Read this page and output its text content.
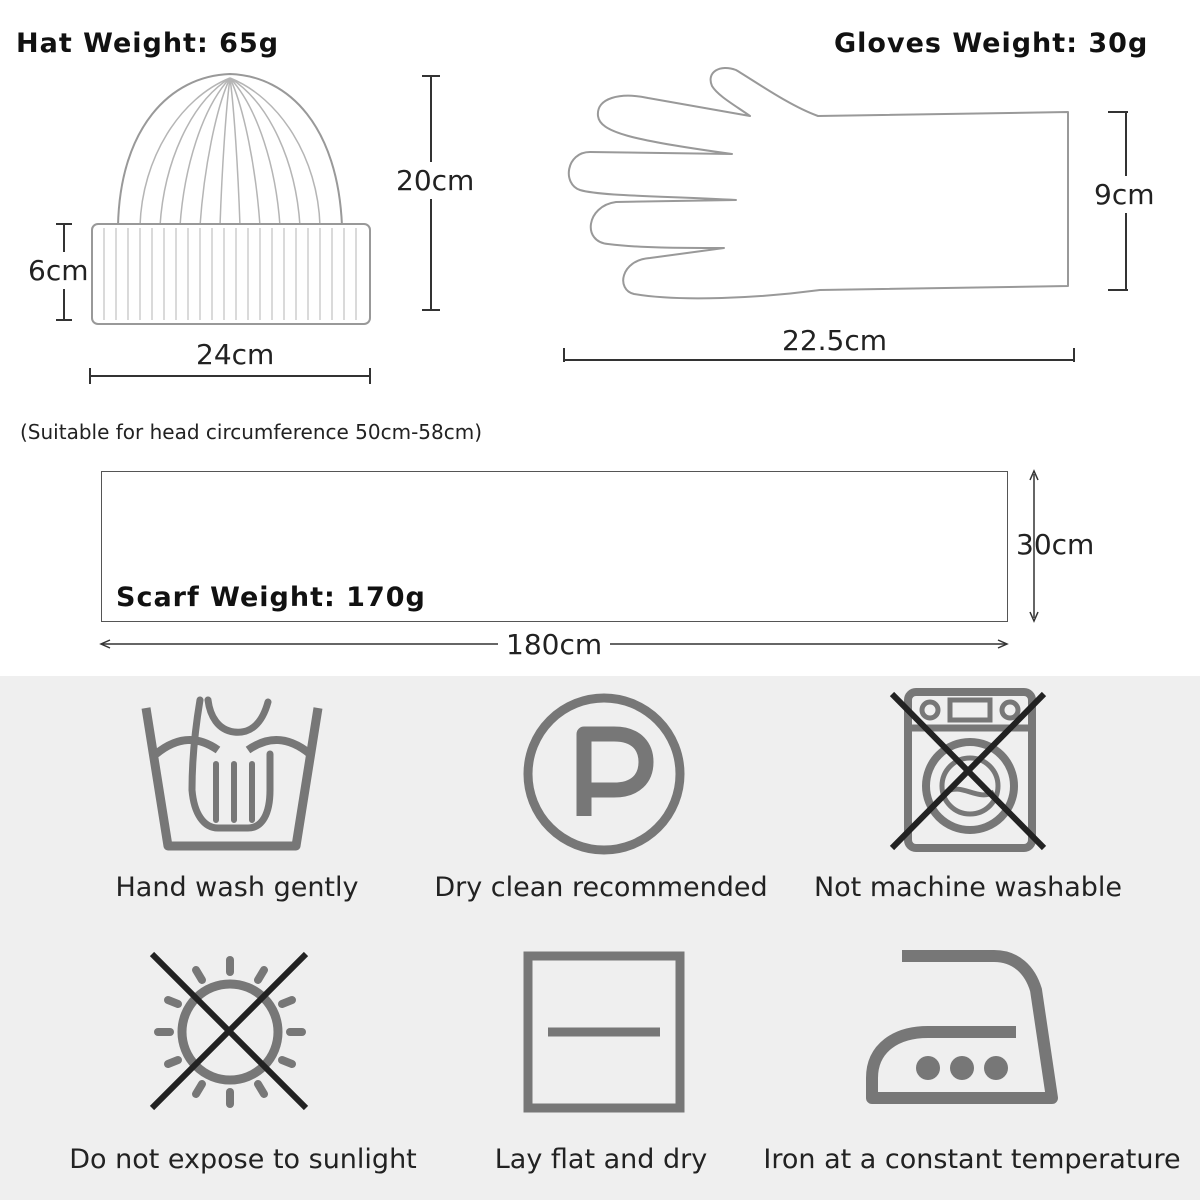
Hat Weight: 65g
20cm
6cm
24cm
(Suitable for head circumference 50cm-58cm)
Gloves Weight: 30g
9cm
22.5cm
Scarf Weight: 170g
30cm
180cm
Hand wash gently	Dry clean recommended	Not machine washable
Do not expose to sunlight	Lay flat and dry	Iron at a constant temperature
